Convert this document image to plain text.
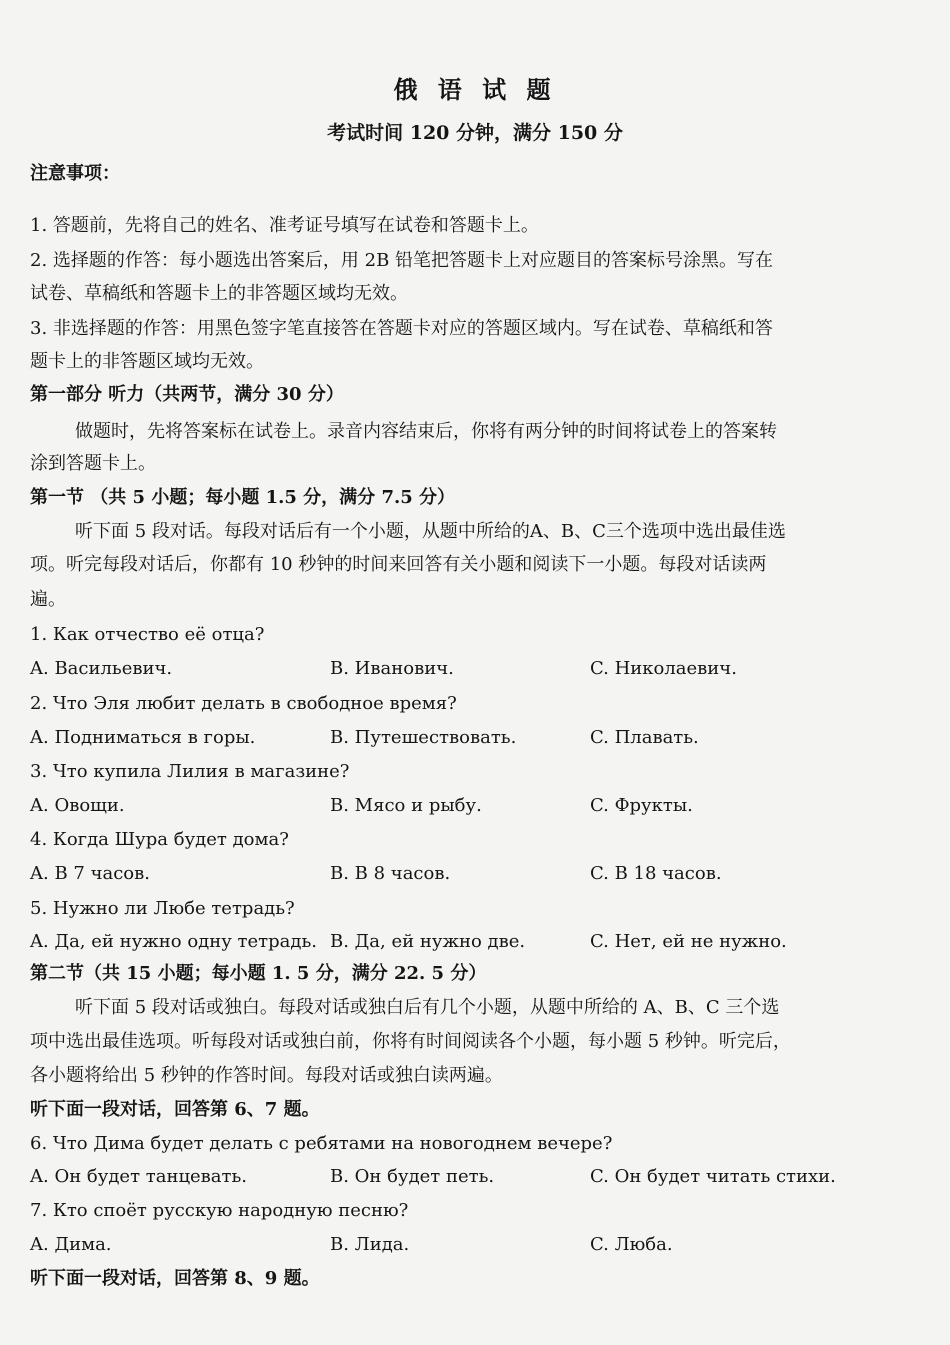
俄 语 试 题
考试时间 120 分钟，满分 150 分
注意事项：
1. 答题前，先将自己的姓名、准考证号填写在试卷和答题卡上。
2. 选择题的作答：每小题选出答案后，用 2B 铅笔把答题卡上对应题目的答案标号涂黑。写在
试卷、草稿纸和答题卡上的非答题区域均无效。
3. 非选择题的作答：用黑色签字笔直接答在答题卡对应的答题区域内。写在试卷、草稿纸和答
题卡上的非答题区域均无效。
第一部分 听力（共两节，满分 30 分）
做题时，先将答案标在试卷上。录音内容结束后，你将有两分钟的时间将试卷上的答案转
涂到答题卡上。
第一节 （共 5 小题；每小题 1.5 分，满分 7.5 分）
听下面 5 段对话。每段对话后有一个小题，从题中所给的A、B、C三个选项中选出最佳选
项。听完每段对话后，你都有 10 秒钟的时间来回答有关小题和阅读下一小题。每段对话读两
遍。
1. Как отчество её отца?
A. Васильевич.	B. Иванович.	C. Николаевич.
2. Что Эля любит делать в свободное время?
A. Подниматься в горы.	B. Путешествовать.	C. Плавать.
3. Что купила Лилия в магазине?
A. Овощи.	B. Мясо и рыбу.	C. Фрукты.
4. Когда Шура будет дома?
A. В 7 часов.	B. В 8 часов.	C. В 18 часов.
5. Нужно ли Любе тетрадь?
A. Да, ей нужно одну тетрадь. B. Да, ей нужно две.	C. Нет, ей не нужно.
第二节（共 15 小题；每小题 1. 5 分，满分 22. 5 分）
听下面 5 段对话或独白。每段对话或独白后有几个小题，从题中所给的 A、B、C 三个选
项中选出最佳选项。听每段对话或独白前，你将有时间阅读各个小题，每小题 5 秒钟。听完后，
各小题将给出 5 秒钟的作答时间。每段对话或独白读两遍。
听下面一段对话，回答第 6、7 题。
6. Что Дима будет делать с ребятами на новогоднем вечере?
A. Он будет танцевать.	B. Он будет петь.	C. Он будет читать стихи.
7. Кто споёт русскую народную песню?
A. Дима.	B. Лида.	C. Люба.
听下面一段对话，回答第 8、9 题。
